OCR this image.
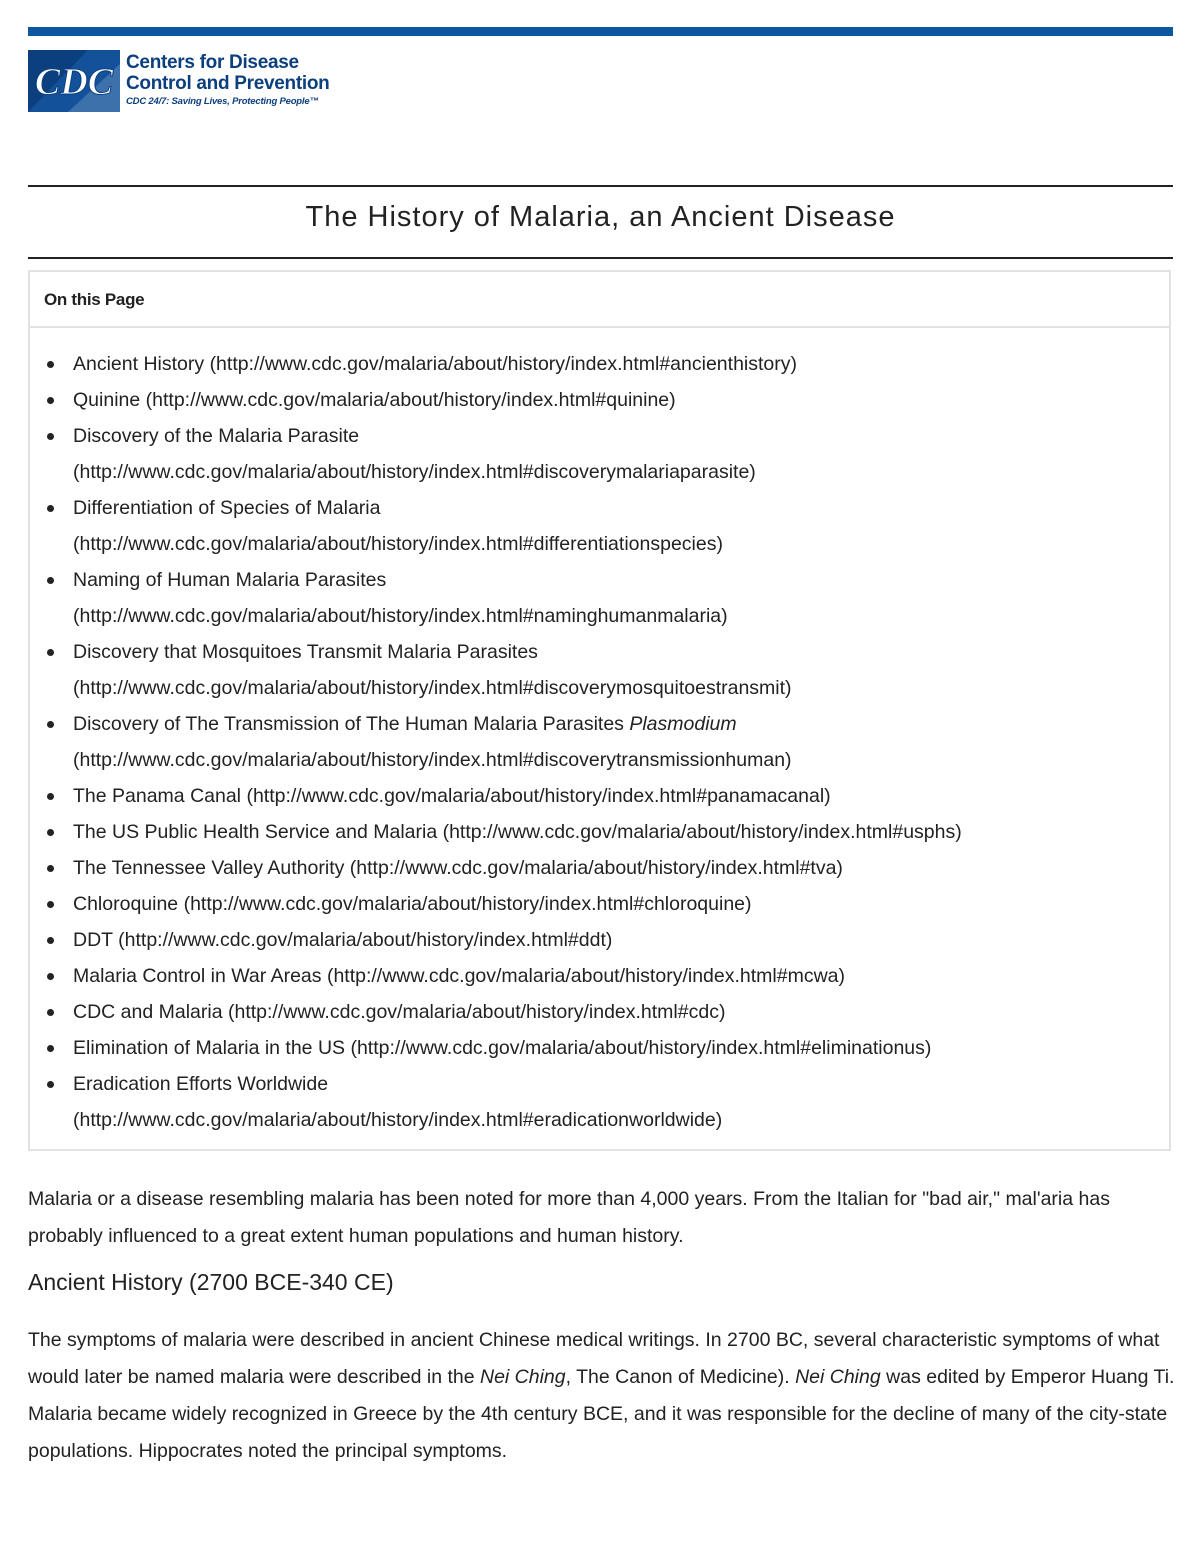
CDC Centers for Disease
Control and Prevention
CDC 24/7: Saving Lives, Protecting People™
The History of Malaria, an Ancient Disease
On this Page
Ancient History (http://www.cdc.gov/malaria/about/history/index.html#ancienthistory)
Quinine (http://www.cdc.gov/malaria/about/history/index.html#quinine)
Discovery of the Malaria Parasite
(http://www.cdc.gov/malaria/about/history/index.html#discoverymalariaparasite)
Differentiation of Species of Malaria
(http://www.cdc.gov/malaria/about/history/index.html#differentiationspecies)
Naming of Human Malaria Parasites
(http://www.cdc.gov/malaria/about/history/index.html#naminghumanmalaria)
Discovery that Mosquitoes Transmit Malaria Parasites
(http://www.cdc.gov/malaria/about/history/index.html#discoverymosquitoestransmit)
Discovery of The Transmission of The Human Malaria Parasites Plasmodium
(http://www.cdc.gov/malaria/about/history/index.html#discoverytransmissionhuman)
The Panama Canal (http://www.cdc.gov/malaria/about/history/index.html#panamacanal)
The US Public Health Service and Malaria (http://www.cdc.gov/malaria/about/history/index.html#usphs)
The Tennessee Valley Authority (http://www.cdc.gov/malaria/about/history/index.html#tva)
Chloroquine (http://www.cdc.gov/malaria/about/history/index.html#chloroquine)
DDT (http://www.cdc.gov/malaria/about/history/index.html#ddt)
Malaria Control in War Areas (http://www.cdc.gov/malaria/about/history/index.html#mcwa)
CDC and Malaria (http://www.cdc.gov/malaria/about/history/index.html#cdc)
Elimination of Malaria in the US (http://www.cdc.gov/malaria/about/history/index.html#eliminationus)
Eradication Efforts Worldwide
(http://www.cdc.gov/malaria/about/history/index.html#eradicationworldwide)

Malaria or a disease resembling malaria has been noted for more than 4,000 years. From the Italian for "bad air," mal'aria has probably influenced to a great extent human populations and human history.

Ancient History (2700 BCE-340 CE)

The symptoms of malaria were described in ancient Chinese medical writings. In 2700 BC, several characteristic symptoms of what would later be named malaria were described in the Nei Ching, The Canon of Medicine). Nei Ching was edited by Emperor Huang Ti. Malaria became widely recognized in Greece by the 4th century BCE, and it was responsible for the decline of many of the city-state populations. Hippocrates noted the principal symptoms.
